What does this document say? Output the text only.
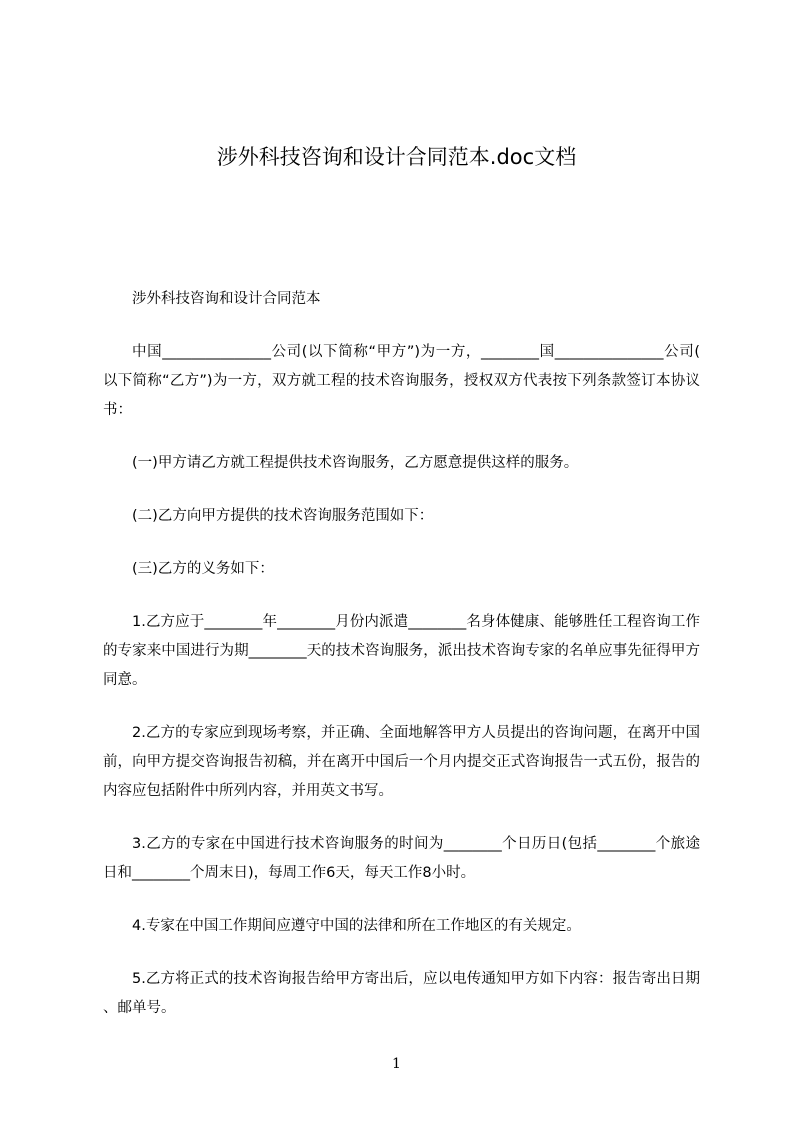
涉外科技咨询和设计合同范本.doc文档

涉外科技咨询和设计合同范本

中国_______________公司(以下简称“甲方”)为一方，________国_______________公司(以下简称“乙方”)为一方，双方就工程的技术咨询服务，授权双方代表按下列条款签订本协议书：

(一)甲方请乙方就工程提供技术咨询服务，乙方愿意提供这样的服务。

(二)乙方向甲方提供的技术咨询服务范围如下：

(三)乙方的义务如下：

1.乙方应于________年________月份内派遣________名身体健康、能够胜任工程咨询工作的专家来中国进行为期________天的技术咨询服务，派出技术咨询专家的名单应事先征得甲方同意。

2.乙方的专家应到现场考察，并正确、全面地解答甲方人员提出的咨询问题，在离开中国前，向甲方提交咨询报告初稿，并在离开中国后一个月内提交正式咨询报告一式五份，报告的内容应包括附件中所列内容，并用英文书写。

3.乙方的专家在中国进行技术咨询服务的时间为________个日历日(包括________个旅途日和________个周末日)，每周工作6天，每天工作8小时。

4.专家在中国工作期间应遵守中国的法律和所在工作地区的有关规定。

5.乙方将正式的技术咨询报告给甲方寄出后，应以电传通知甲方如下内容：报告寄出日期、邮单号。

1
